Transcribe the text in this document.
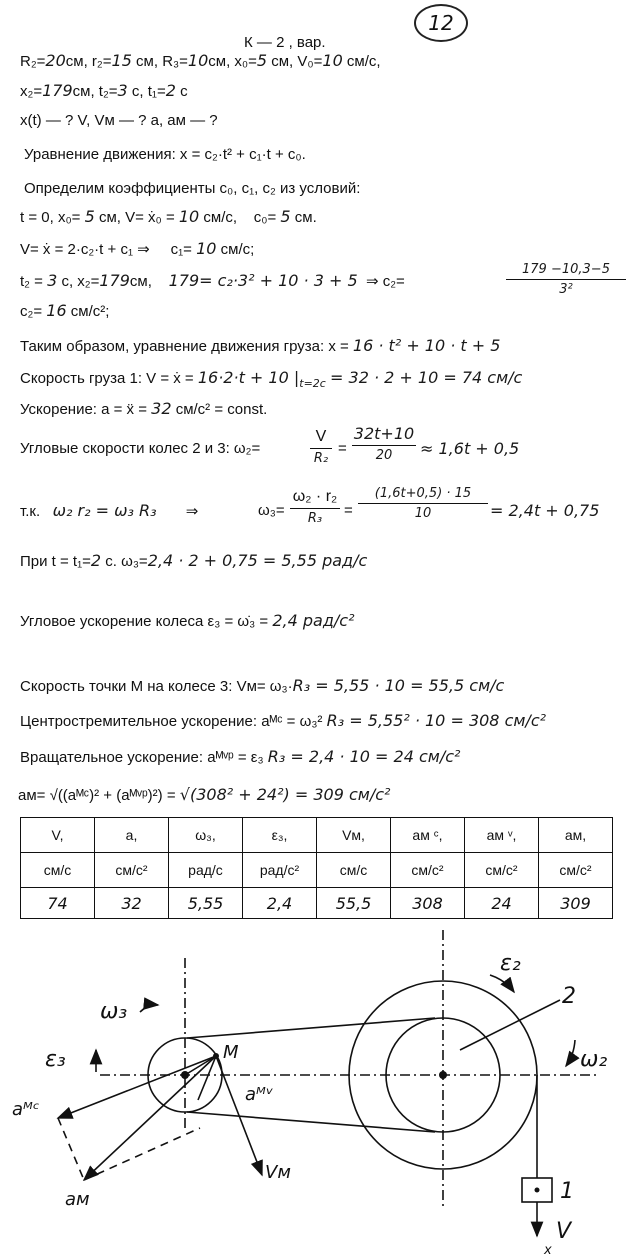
12
К — 2 , вар.
R₂=20см, r₂=15 см, R₃=10см, x₀=5 см, V₀=10 см/с,
x₂=179см, t₂=3 c, t₁=2 c
x(t) — ? V, Vм — ? a, aм — ?
Уравнение движения: x = c₂·t² + c₁·t + c₀.
Определим коэффициенты c₀, c₁, c₂ из условий:
t = 0, x₀= 5 см, V= ẋ₀ = 10 см/с, c₀= 5 см.
V= ẋ = 2·c₂·t + c₁ ⇒ c₁= 10 см/с;
t₂ = 3 c, x₂=179см, 179= c₂·3² + 10 · 3 + 5 ⇒ c₂=
179 −10,3−5
3²
c₂= 16 см/с²;
Таким образом, уравнение движения груза: x = 16 · t² + 10 · t + 5
Скорость груза 1: V = ẋ = 16·2·t + 10 $|_{t=2c} = 32 \cdot 2 + 10 = 74$ см/с
Ускорение: a = ẍ = 32 см/с² = const.
Угловые скорости колес 2 и 3: ω₂=
V
R₂
=
32t+10
20	≈ 1,6t + 0,5
т.к. ω₂ r₂ = ω₃ R₃ ⇒	ω₃=
ω₂ · r₂
R₃	=
(1,6t+0,5) · 15
10	= 2,4t + 0,75
При t = t₁=2 c. ω₃=2,4 · 2 + 0,75 = 5,55 рад/с
Угловое ускорение колеса ε₃ = ω̇₃ = 2,4 рад/с²
Скорость точки М на колесе 3: Vм= ω₃·R₃ = 5,55 · 10 = 55,5 см/с
Центростремительное ускорение: aᴹᶜ = ω₃² R₃ = 5,55² · 10 = 308 см/с²
Вращательное ускорение: aᴹᵛᵖ = ε₃ R₃ = 2,4 · 10 = 24 см/с²
aм= √((aᴹᶜ)² + (aᴹᵛᵖ)²) = √(308² + 24²) = 309 см/с²
V,	a,	ω₃,	ε₃,	Vм,	aм ᶜ,	aм ᵛ,	aм,
см/с	см/с²	рад/с	рад/с²	см/с	см/с²	см/с²	см/с²
74	32	5,55	2,4	55,5	308	24	309
ε₂
2
ω₂
ω₃
ε₃	M
aᴹᵛ
aᴹᶜ
Vм
aм	1
V
x
